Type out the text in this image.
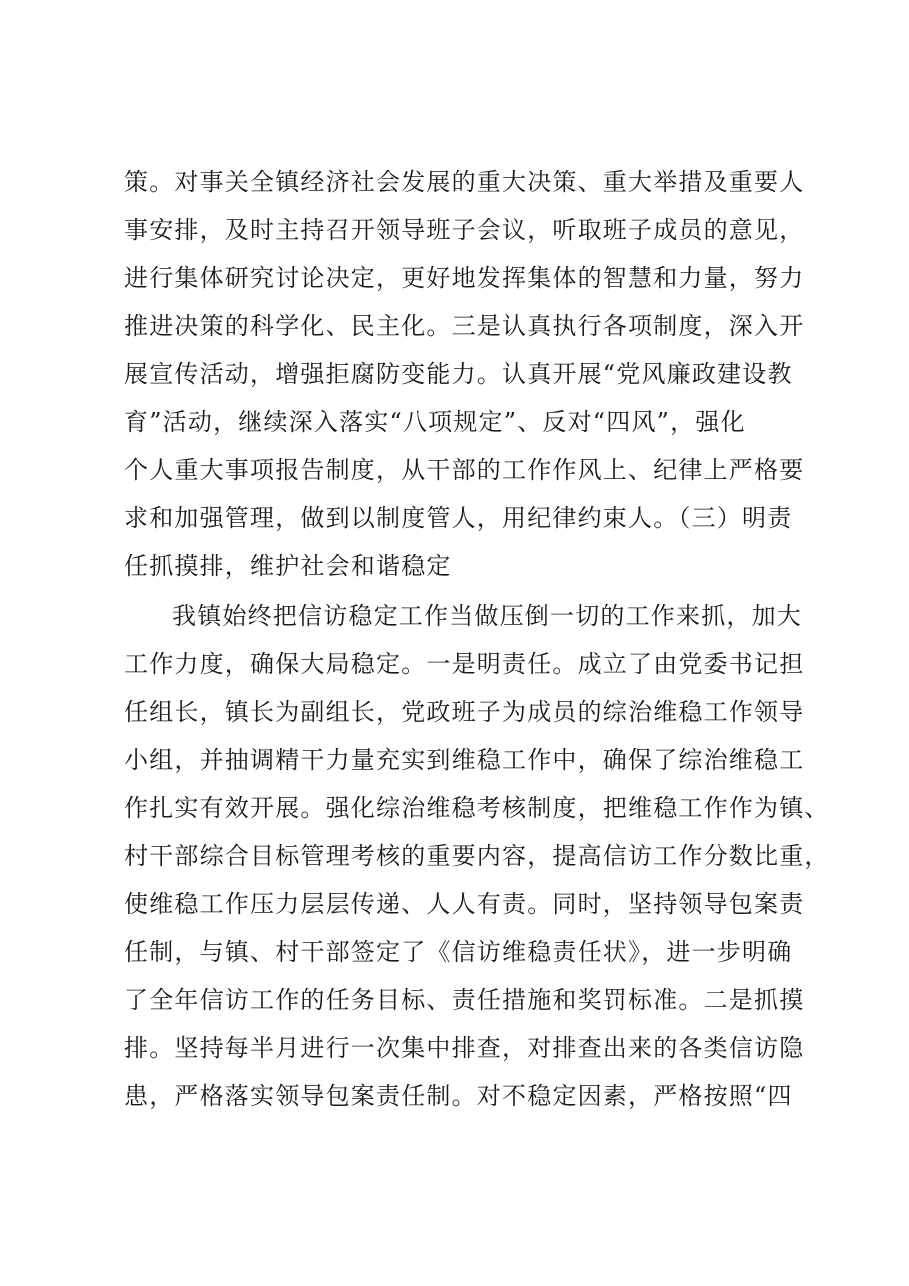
策。对事关全镇经济社会发展的重大决策、重大举措及重要人
事安排，及时主持召开领导班子会议，听取班子成员的意见，
进行集体研究讨论决定，更好地发挥集体的智慧和力量，努力
推进决策的科学化、民主化。三是认真执行各项制度，深入开
展宣传活动，增强拒腐防变能力。认真开展“党风廉政建设教
育”活动，继续深入落实“八项规定”、反对“四风”，强化
个人重大事项报告制度，从干部的工作作风上、纪律上严格要
求和加强管理，做到以制度管人，用纪律约束人。（三）明责
任抓摸排，维护社会和谐稳定
我镇始终把信访稳定工作当做压倒一切的工作来抓，加大
工作力度，确保大局稳定。一是明责任。成立了由党委书记担
任组长，镇长为副组长，党政班子为成员的综治维稳工作领导
小组，并抽调精干力量充实到维稳工作中，确保了综治维稳工
作扎实有效开展。强化综治维稳考核制度，把维稳工作作为镇、
村干部综合目标管理考核的重要内容，提高信访工作分数比重，
使维稳工作压力层层传递、人人有责。同时，坚持领导包案责
任制，与镇、村干部签定了《信访维稳责任状》，进一步明确
了全年信访工作的任务目标、责任措施和奖罚标准。二是抓摸
排。坚持每半月进行一次集中排查，对排查出来的各类信访隐
患，严格落实领导包案责任制。对不稳定因素，严格按照“四
